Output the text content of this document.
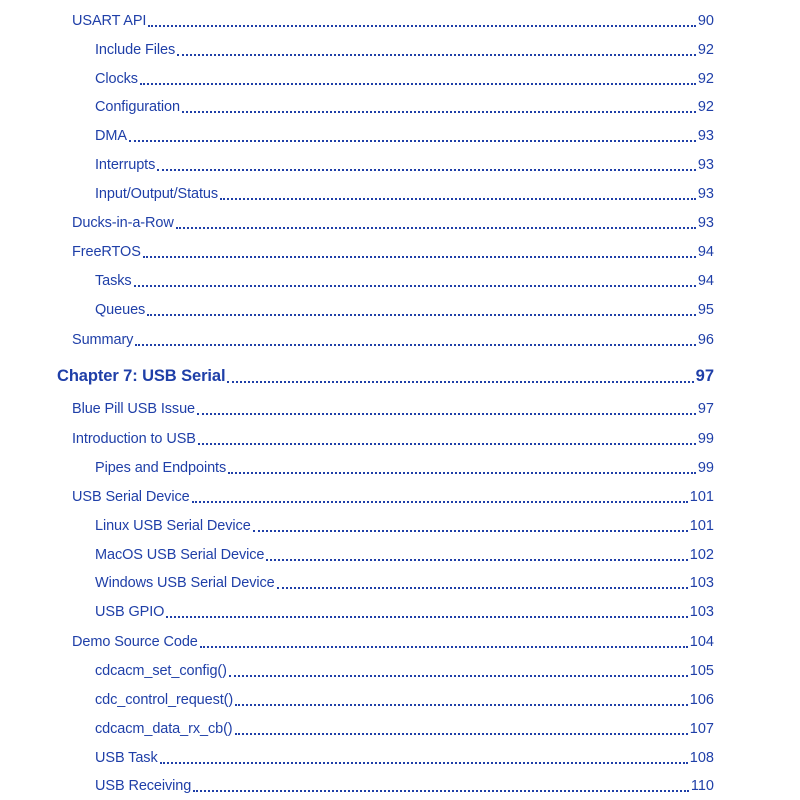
USART API	90
Include Files	92
Clocks	92
Configuration	92
DMA	93
Interrupts	93
Input/Output/Status	93
Ducks-in-a-Row	93
FreeRTOS	94
Tasks	94
Queues	95
Summary	96
Chapter 7: USB Serial	97
Blue Pill USB Issue	97
Introduction to USB	99
Pipes and Endpoints	99
USB Serial Device	101
Linux USB Serial Device	101
MacOS USB Serial Device	102
Windows USB Serial Device	103
USB GPIO	103
Demo Source Code	104
cdcacm_set_config()	105
cdc_control_request()	106
cdcacm_data_rx_cb()	107
USB Task	108
USB Receiving	110
